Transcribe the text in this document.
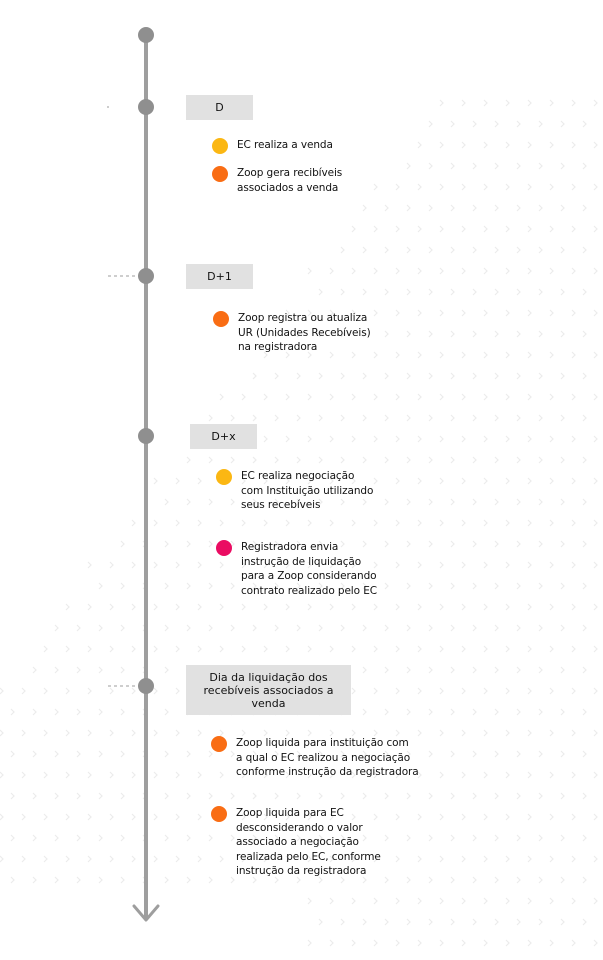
D
EC realiza a venda
Zoop gera recibíveis
associados a venda
D+1
Zoop registra ou atualiza
UR (Unidades Recebíveis)
na registradora
D+x
EC realiza negociação
com Instituição utilizando
seus recebíveis
Registradora envia
instrução de liquidação
para a Zoop considerando
contrato realizado pelo EC
Dia da liquidação dos recebíveis associados a venda
Zoop liquida para instituição com
a qual o EC realizou a negociação
conforme instrução da registradora
Zoop liquida para EC
desconsiderando o valor
associado a negociação
realizada pelo EC, conforme
instrução da registradora
